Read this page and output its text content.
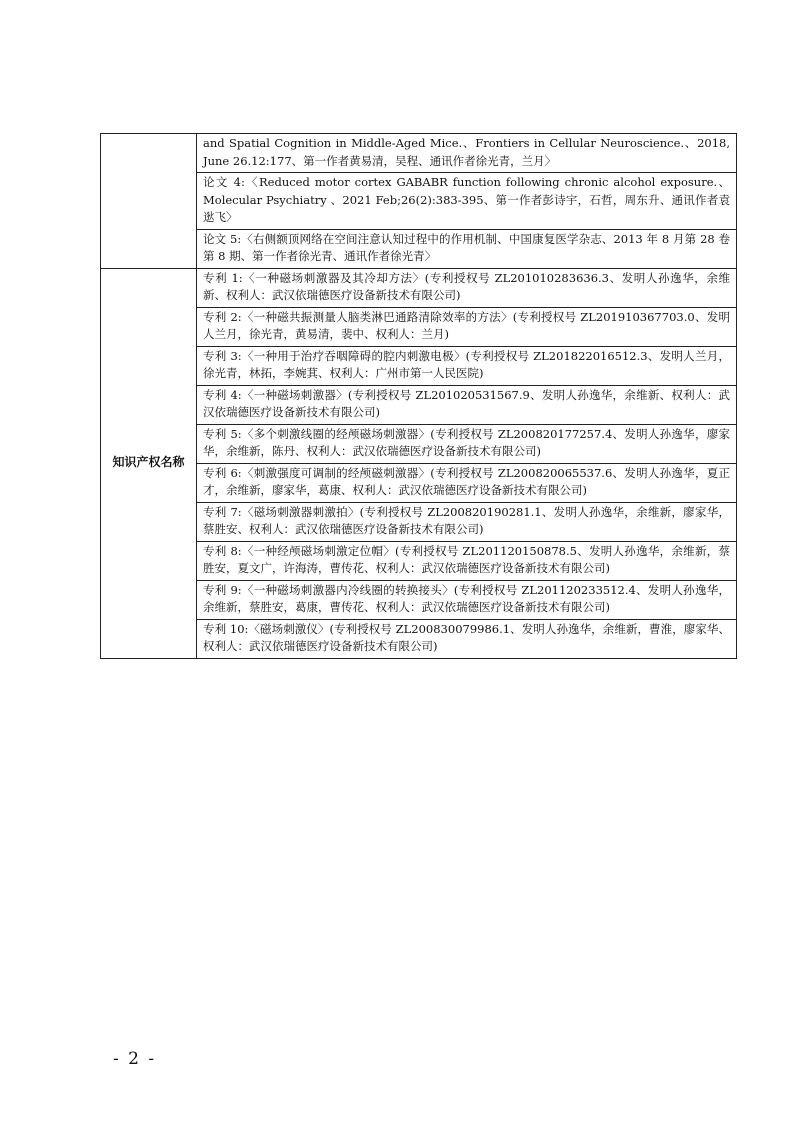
	and Spatial Cognition in Middle-Aged Mice.、Frontiers in Cellular Neuroscience.、2018, June 26.12:177、第一作者黄易清，吴程、通讯作者徐光青，兰月〉
	论文 4:〈Reduced motor cortex GABABR function following chronic alcohol exposure.、Molecular Psychiatry 、2021 Feb;26(2):383-395、第一作者彭诗宇，石哲，周东升、通讯作者袁逖飞〉
	论文 5:〈右侧额顶网络在空间注意认知过程中的作用机制、中国康复医学杂志、2013 年 8 月第 28 卷第 8 期、第一作者徐光青、通讯作者徐光青〉
知识产权名称	专利 1:〈一种磁场刺激器及其冷却方法〉(专利授权号 ZL201010283636.3、发明人孙逸华，余维新、权利人：武汉依瑞德医疗设备新技术有限公司)
	专利 2:〈一种磁共振测量人脑类淋巴通路清除效率的方法〉(专利授权号 ZL201910367703.0、发明人兰月，徐光青，黄易清，裴中、权利人：兰月)
	专利 3:〈一种用于治疗吞咽障碍的腔内刺激电极〉(专利授权号 ZL201822016512.3、发明人兰月，徐光青，林拓，李婉萁、权利人：广州市第一人民医院)
	专利 4:〈一种磁场刺激器〉(专利授权号 ZL201020531567.9、发明人孙逸华，余维新、权利人：武汉依瑞德医疗设备新技术有限公司)
	专利 5:〈多个刺激线圈的经颅磁场刺激器〉(专利授权号 ZL200820177257.4、发明人孙逸华，廖家华，余维新，陈丹、权利人：武汉依瑞德医疗设备新技术有限公司)
	专利 6:〈刺激强度可调制的经颅磁刺激器〉(专利授权号 ZL200820065537.6、发明人孙逸华，夏正才，余维新，廖家华，葛康、权利人：武汉依瑞德医疗设备新技术有限公司)
	专利 7:〈磁场刺激器刺激拍〉(专利授权号 ZL200820190281.1、发明人孙逸华，余维新，廖家华，蔡胜安、权利人：武汉依瑞德医疗设备新技术有限公司)
	专利 8:〈一种经颅磁场刺激定位帽〉(专利授权号 ZL201120150878.5、发明人孙逸华，余维新，蔡胜安，夏文广，许海涛，曹传花、权利人：武汉依瑞德医疗设备新技术有限公司)
	专利 9:〈一种磁场刺激器内冷线圈的转换接头〉(专利授权号 ZL201120233512.4、发明人孙逸华，余维新，蔡胜安，葛康，曹传花、权利人：武汉依瑞德医疗设备新技术有限公司)
	专利 10:〈磁场刺激仪〉(专利授权号 ZL200830079986.1、发明人孙逸华，余维新，曹淮，廖家华、权利人：武汉依瑞德医疗设备新技术有限公司)
- 2 -
